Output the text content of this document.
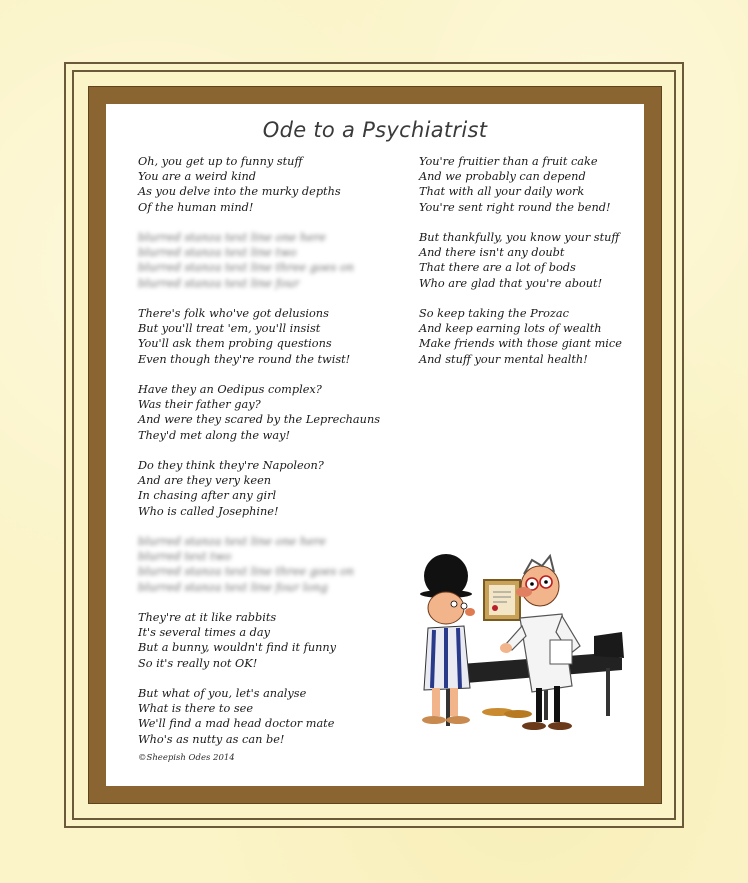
Ode to a Psychiatrist
Oh, you get up to funny stuff
You are a weird kind
As you delve into the murky depths
Of the human mind!
blurred stanza text line one here
blurred stanza text line two
blurred stanza text line three goes on
blurred stanza text line four
There's folk who've got delusions
But you'll treat 'em, you'll insist
You'll ask them probing questions
Even though they're round the twist!
Have they an Oedipus complex?
Was their father gay?
And were they scared by the Leprechauns
They'd met along the way!
Do they think they're Napoleon?
And are they very keen
In chasing after any girl
Who is called Josephine!
blurred stanza text line one here
blurred text two
blurred stanza text line three goes on
blurred stanza text line four long
They're at it like rabbits
It's several times a day
But a bunny, wouldn't find it funny
So it's really not OK!
But what of you, let's analyse
What is there to see
We'll find a mad head doctor mate
Who's as nutty as can be!
You're fruitier than a fruit cake
And we probably can depend
That with all your daily work
You're sent right round the bend!
But thankfully, you know your stuff
And there isn't any doubt
That there are a lot of bods
Who are glad that you're about!
So keep taking the Prozac
And keep earning lots of wealth
Make friends with those giant mice
And stuff your mental health!
©Sheepish Odes 2014
